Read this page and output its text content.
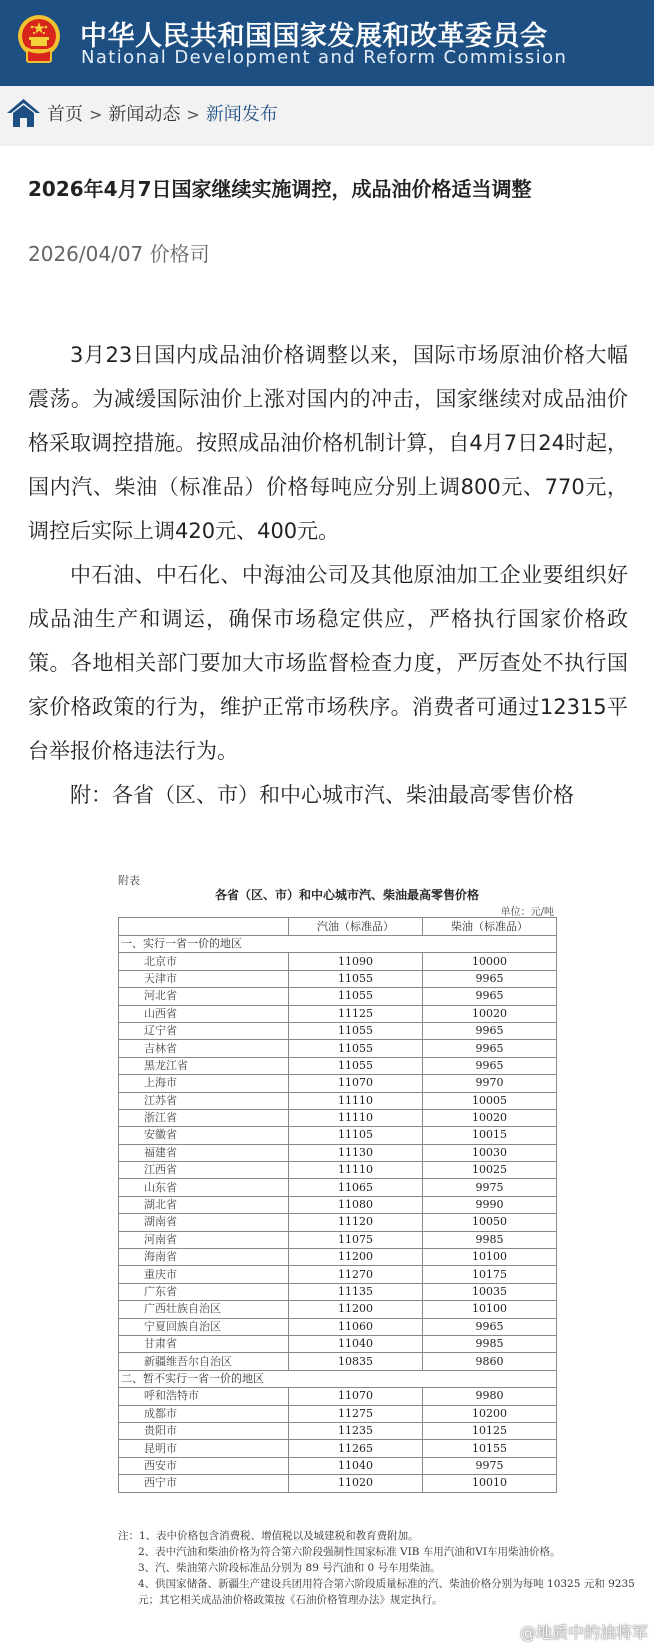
中华人民共和国国家发展和改革委员会
National Development and Reform Commission
首页 > 新闻动态 > 新闻发布
2026年4月7日国家继续实施调控，成品油价格适当调整
2026/04/07 价格司

3月23日国内成品油价格调整以来，国际市场原油价格大幅震荡。为减缓国际油价上涨对国内的冲击，国家继续对成品油价格采取调控措施。按照成品油价格机制计算，自4月7日24时起，国内汽、柴油（标准品）价格每吨应分别上调800元、770元，调控后实际上调420元、400元。

中石油、中石化、中海油公司及其他原油加工企业要组织好成品油生产和调运，确保市场稳定供应，严格执行国家价格政策。各地相关部门要加大市场监督检查力度，严厉查处不执行国家价格政策的行为，维护正常市场秩序。消费者可通过12315平台举报价格违法行为。

附：各省（区、市）和中心城市汽、柴油最高零售价格

附表
各省（区、市）和中心城市汽、柴油最高零售价格
单位：元/吨
	汽油（标准品）	柴油（标准品）
一、实行一省一价的地区		
北京市	11090	10000
天津市	11055	9965
河北省	11055	9965
山西省	11125	10020
辽宁省	11055	9965
吉林省	11055	9965
黑龙江省	11055	9965
上海市	11070	9970
江苏省	11110	10005
浙江省	11110	10020
安徽省	11105	10015
福建省	11130	10030
江西省	11110	10025
山东省	11065	9975
湖北省	11080	9990
湖南省	11120	10050
河南省	11075	9985
海南省	11200	10100
重庆市	11270	10175
广东省	11135	10035
广西壮族自治区	11200	10100
宁夏回族自治区	11060	9965
甘肃省	11040	9985
新疆维吾尔自治区	10835	9860
二、暂不实行一省一价的地区		
呼和浩特市	11070	9980
成都市	11275	10200
贵阳市	11235	10125
昆明市	11265	10155
西安市	11040	9975
西宁市	11020	10010
注：1、表中价格包含消费税、增值税以及城建税和教育费附加。
2、表中汽油和柴油价格为符合第六阶段强制性国家标准 VIB 车用汽油和VI车用柴油价格。
3、汽、柴油第六阶段标准品分别为 89 号汽油和 0 号车用柴油。
4、供国家储备、新疆生产建设兵团用符合第六阶段质量标准的汽、柴油价格分别为每吨 10325 元和 9235 元；其它相关成品油价格政策按《石油价格管理办法》规定执行。
@地质中的油将军
